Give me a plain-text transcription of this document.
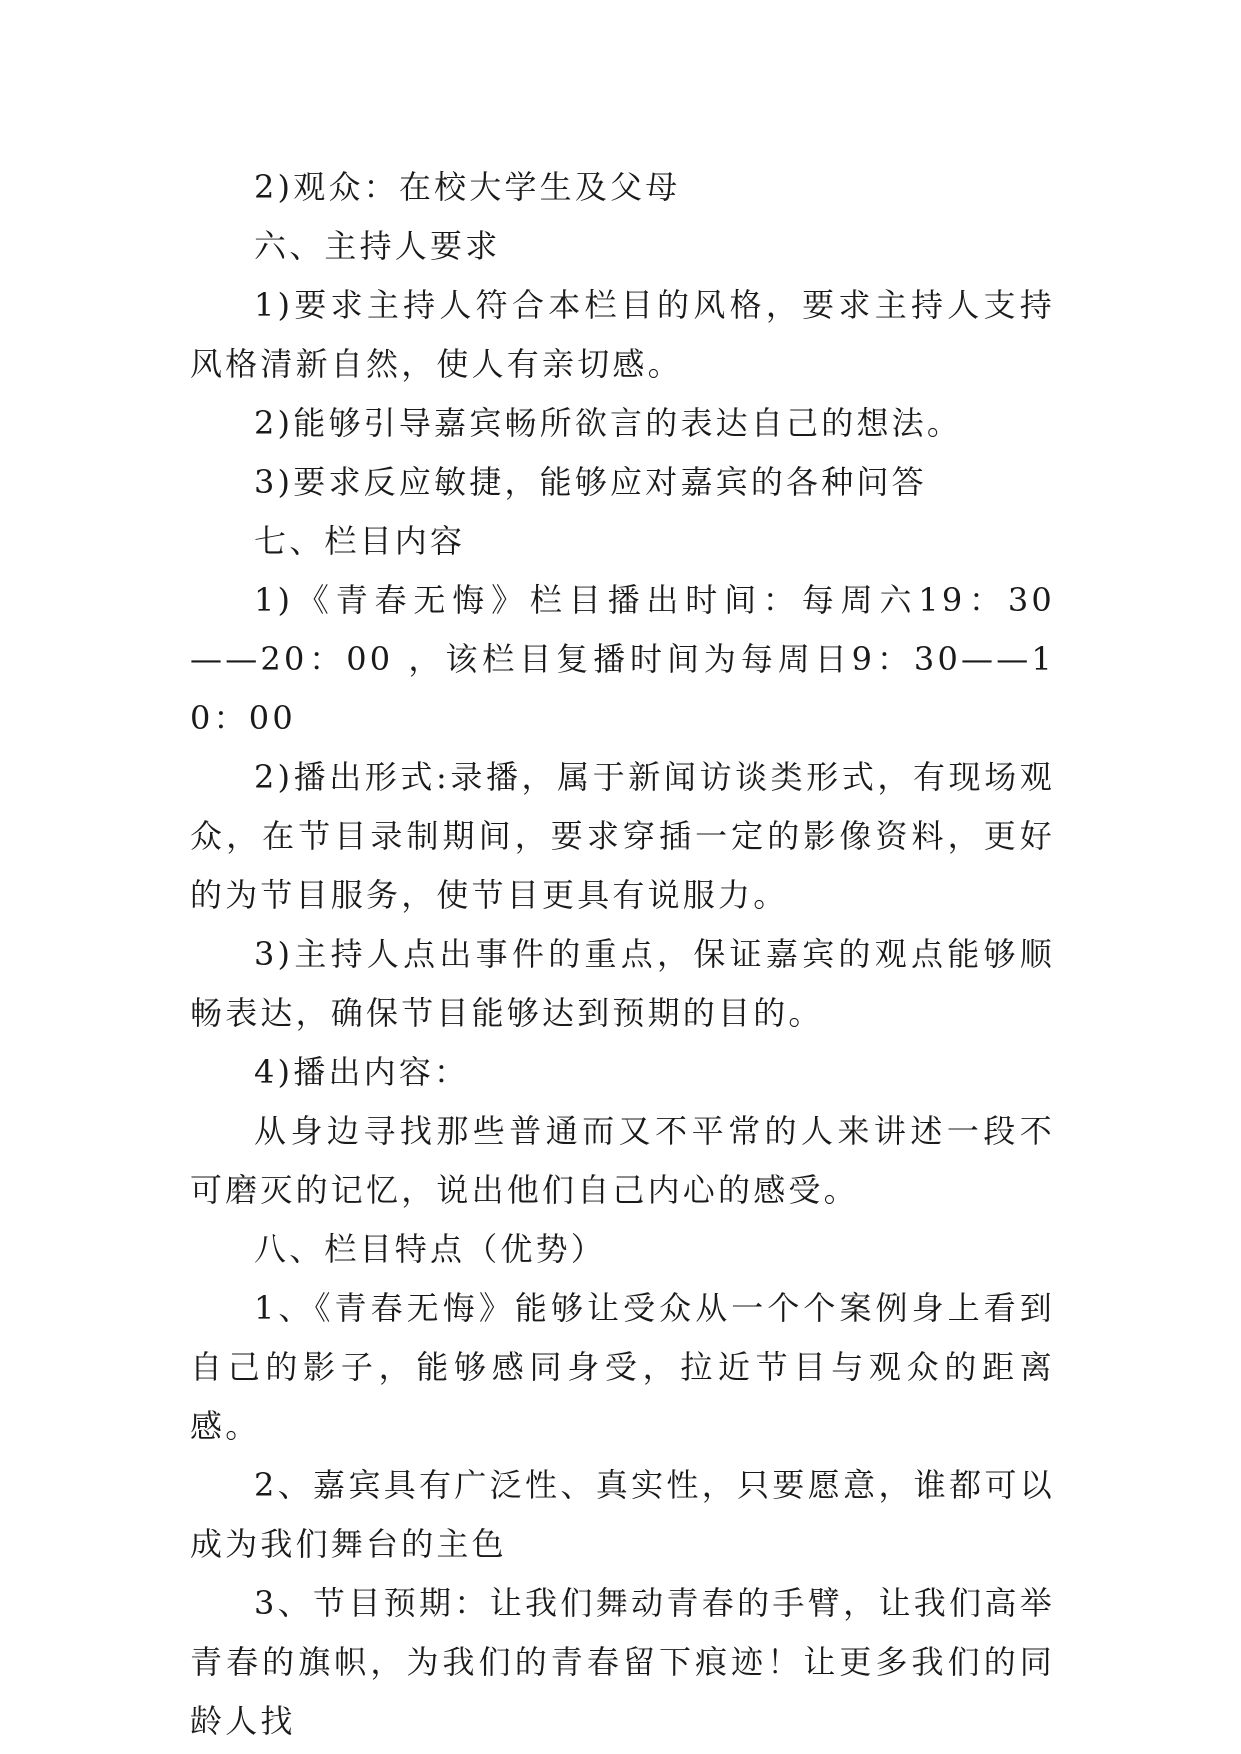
2)观众：在校大学生及父母

六、主持人要求

1)要求主持人符合本栏目的风格，要求主持人支持风格清新自然，使人有亲切感。

2)能够引导嘉宾畅所欲言的表达自己的想法。

3)要求反应敏捷，能够应对嘉宾的各种问答

七、栏目内容

1)《青春无悔》栏目播出时间：每周六19：30——20：00 ，该栏目复播时间为每周日9：30——10：00

2)播出形式:录播，属于新闻访谈类形式，有现场观众，在节目录制期间，要求穿插一定的影像资料，更好的为节目服务，使节目更具有说服力。

3)主持人点出事件的重点，保证嘉宾的观点能够顺畅表达，确保节目能够达到预期的目的。

4)播出内容：

从身边寻找那些普通而又不平常的人来讲述一段不可磨灭的记忆，说出他们自己内心的感受。

八、栏目特点（优势）

1、《青春无悔》能够让受众从一个个案例身上看到自己的影子，能够感同身受，拉近节目与观众的距离感。

2、嘉宾具有广泛性、真实性，只要愿意，谁都可以成为我们舞台的主色

3、节目预期：让我们舞动青春的手臂，让我们高举青春的旗帜，为我们的青春留下痕迹！让更多我们的同龄人找
